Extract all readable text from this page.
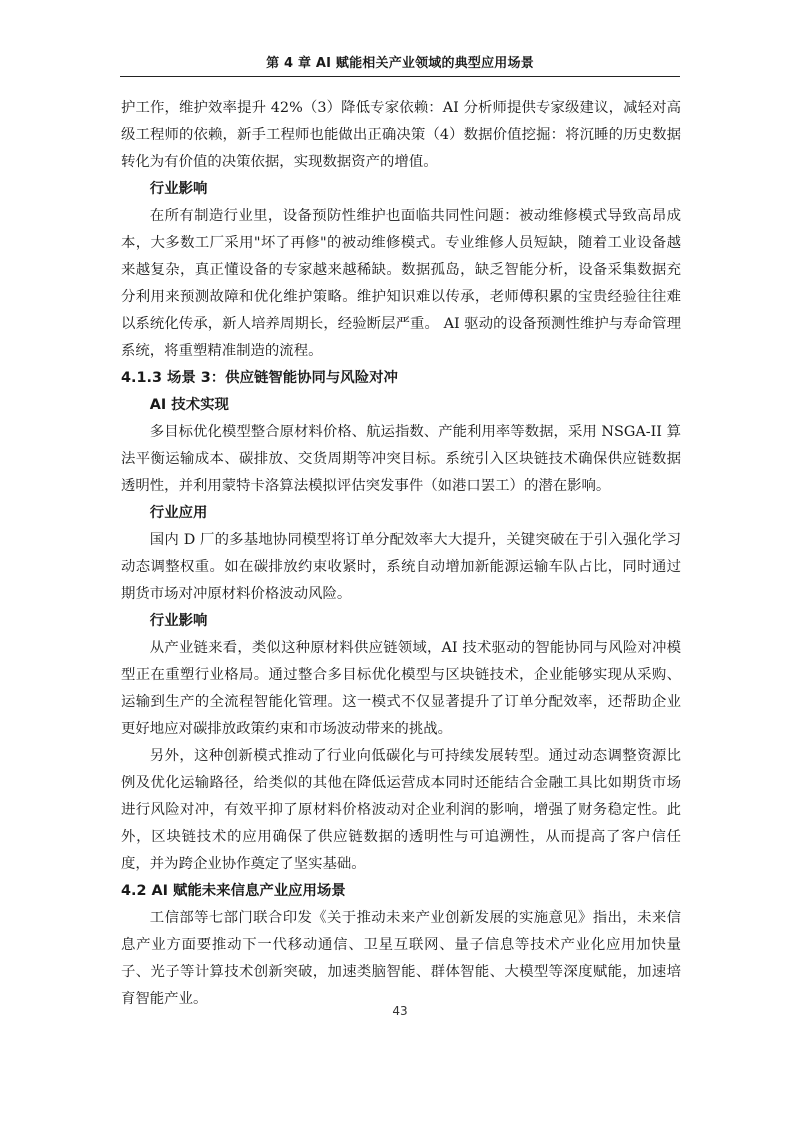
第 4 章 AI 赋能相关产业领域的典型应用场景

护工作，维护效率提升 42%（3）降低专家依赖：AI 分析师提供专家级建议，减轻对高级工程师的依赖，新手工程师也能做出正确决策（4）数据价值挖掘：将沉睡的历史数据转化为有价值的决策依据，实现数据资产的增值。

行业影响

在所有制造行业里，设备预防性维护也面临共同性问题：被动维修模式导致高昂成本，大多数工厂采用"坏了再修"的被动维修模式。专业维修人员短缺，随着工业设备越来越复杂，真正懂设备的专家越来越稀缺。数据孤岛，缺乏智能分析，设备采集数据充分利用来预测故障和优化维护策略。维护知识难以传承，老师傅积累的宝贵经验往往难以系统化传承，新人培养周期长，经验断层严重。 AI 驱动的设备预测性维护与寿命管理系统，将重塑精准制造的流程。

4.1.3 场景 3：供应链智能协同与风险对冲

AI 技术实现

多目标优化模型整合原材料价格、航运指数、产能利用率等数据，采用 NSGA-II 算法平衡运输成本、碳排放、交货周期等冲突目标。系统引入区块链技术确保供应链数据透明性，并利用蒙特卡洛算法模拟评估突发事件（如港口罢工）的潜在影响。

行业应用

国内 D 厂的多基地协同模型将订单分配效率大大提升，关键突破在于引入强化学习动态调整权重。如在碳排放约束收紧时，系统自动增加新能源运输车队占比，同时通过期货市场对冲原材料价格波动风险。

行业影响

从产业链来看，类似这种原材料供应链领域，AI 技术驱动的智能协同与风险对冲模型正在重塑行业格局。通过整合多目标优化模型与区块链技术，企业能够实现从采购、运输到生产的全流程智能化管理。这一模式不仅显著提升了订单分配效率，还帮助企业更好地应对碳排放政策约束和市场波动带来的挑战。

另外，这种创新模式推动了行业向低碳化与可持续发展转型。通过动态调整资源比例及优化运输路径，给类似的其他在降低运营成本同时还能结合金融工具比如期货市场进行风险对冲，有效平抑了原材料价格波动对企业利润的影响，增强了财务稳定性。此外，区块链技术的应用确保了供应链数据的透明性与可追溯性，从而提高了客户信任度，并为跨企业协作奠定了坚实基础。

4.2 AI 赋能未来信息产业应用场景

工信部等七部门联合印发《关于推动未来产业创新发展的实施意见》指出，未来信息产业方面要推动下一代移动通信、卫星互联网、量子信息等技术产业化应用加快量子、光子等计算技术创新突破，加速类脑智能、群体智能、大模型等深度赋能，加速培育智能产业。

43
